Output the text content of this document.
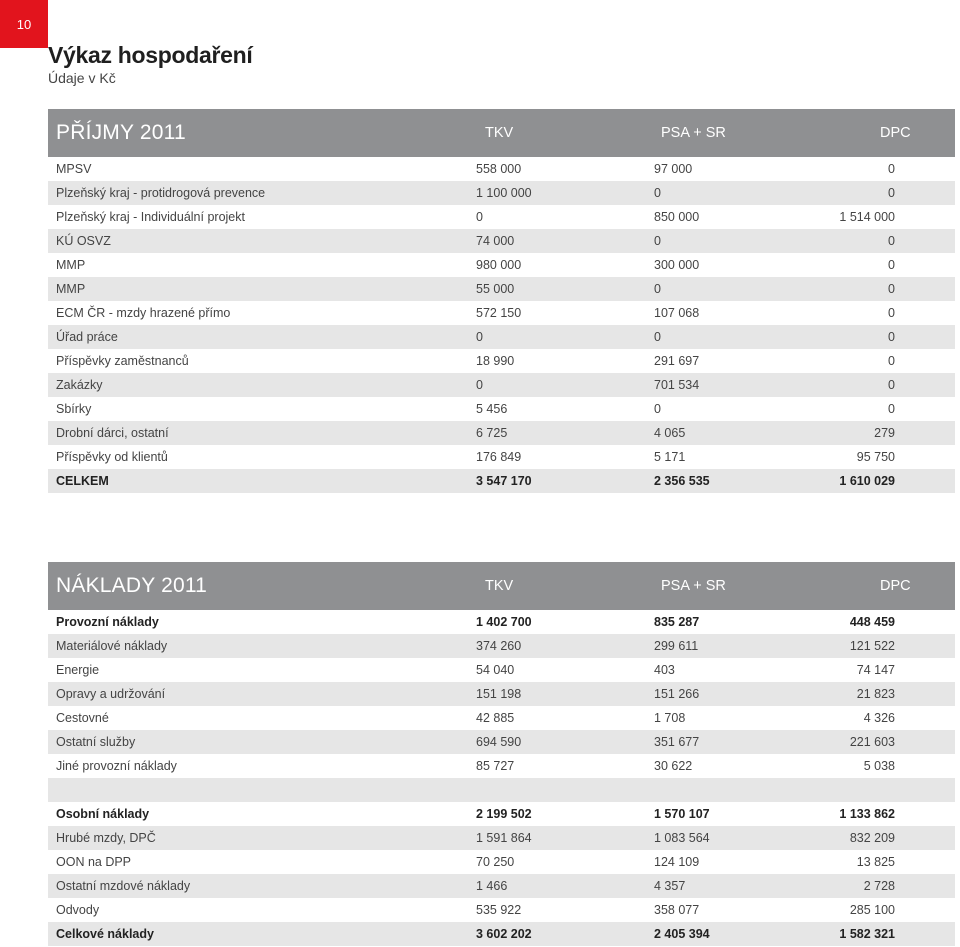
10
Výkaz hospodaření
Údaje v Kč
PŘÍJMY 2011	TKV	PSA + SR	DPC
MPSV	558 000	97 000	0
Plzeňský kraj - protidrogová prevence	1 100 000	0	0
Plzeňský kraj - Individuální projekt	0	850 000	1 514 000
KÚ OSVZ	74 000	0	0
MMP	980 000	300 000	0
MMP	55 000	0	0
ECM ČR - mzdy hrazené přímo	572 150	107 068	0
Úřad práce	0	0	0
Příspěvky zaměstnanců	18 990	291 697	0
Zakázky	0	701 534	0
Sbírky	5 456	0	0
Drobní dárci, ostatní	6 725	4 065	279
Příspěvky od klientů	176 849	5 171	95 750
CELKEM	3 547 170	2 356 535	1 610 029
NÁKLADY 2011	TKV	PSA + SR	DPC
Provozní náklady	1 402 700	835 287	448 459
Materiálové náklady	374 260	299 611	121 522
Energie	54 040	403	74 147
Opravy a udržování	151 198	151 266	21 823
Cestovné	42 885	1 708	4 326
Ostatní služby	694 590	351 677	221 603
Jiné provozní náklady	85 727	30 622	5 038

Osobní náklady	2 199 502	1 570 107	1 133 862
Hrubé mzdy, DPČ	1 591 864	1 083 564	832 209
OON na DPP	70 250	124 109	13 825
Ostatní mzdové náklady	1 466	4 357	2 728
Odvody	535 922	358 077	285 100
Celkové náklady	3 602 202	2 405 394	1 582 321
